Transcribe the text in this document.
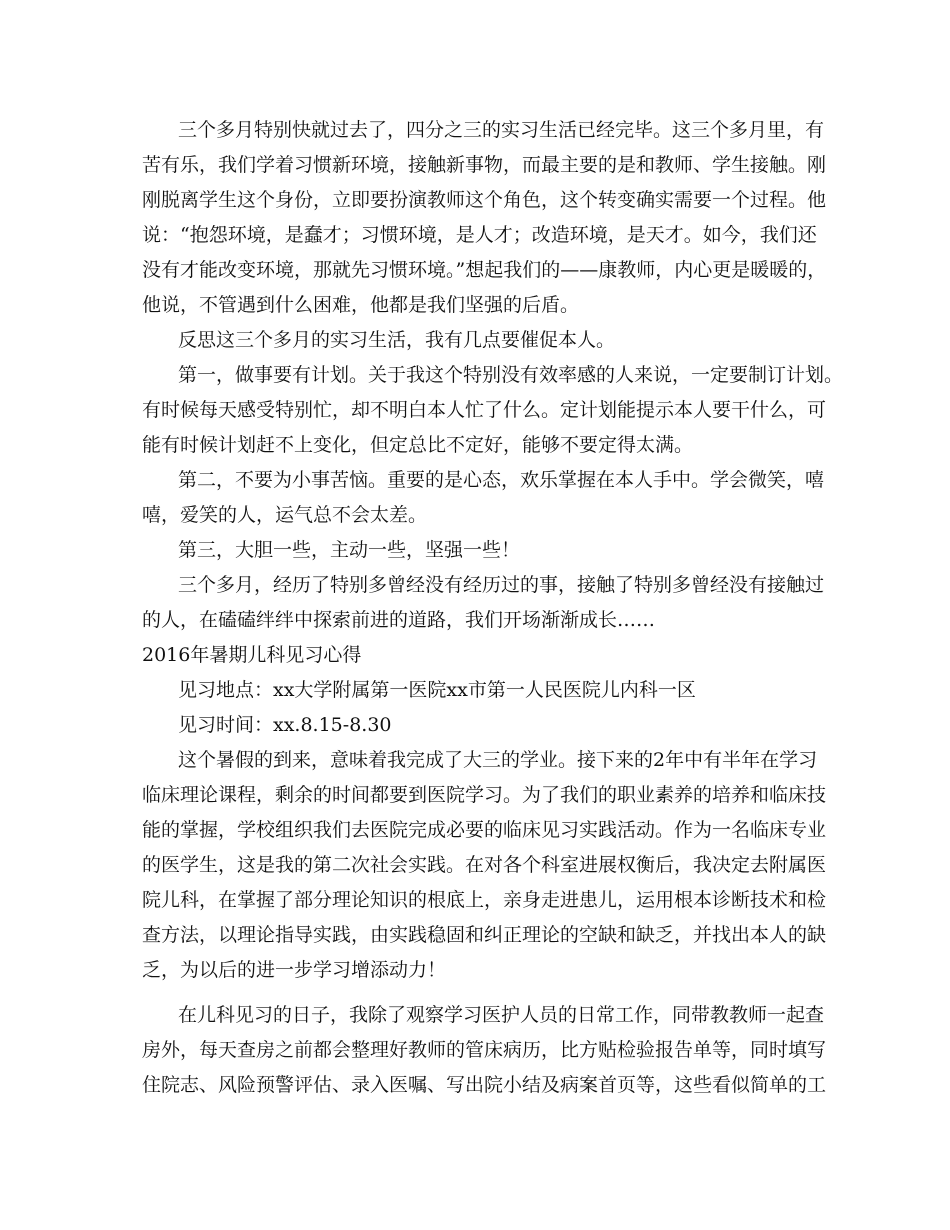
三个多月特别快就过去了，四分之三的实习生活已经完毕。这三个多月里，有
苦有乐，我们学着习惯新环境，接触新事物，而最主要的是和教师、学生接触。刚
刚脱离学生这个身份，立即要扮演教师这个角色，这个转变确实需要一个过程。他
说：“抱怨环境，是蠢才；习惯环境，是人才；改造环境，是天才。如今，我们还
没有才能改变环境，那就先习惯环境。”想起我们的——康教师，内心更是暖暖的，
他说，不管遇到什么困难，他都是我们坚强的后盾。
反思这三个多月的实习生活，我有几点要催促本人。
第一，做事要有计划。关于我这个特别没有效率感的人来说，一定要制订计划。
有时候每天感受特别忙，却不明白本人忙了什么。定计划能提示本人要干什么，可
能有时候计划赶不上变化，但定总比不定好，能够不要定得太满。
第二，不要为小事苦恼。重要的是心态，欢乐掌握在本人手中。学会微笑，嘻
嘻，爱笑的人，运气总不会太差。
第三，大胆一些，主动一些，坚强一些！
三个多月，经历了特别多曾经没有经历过的事，接触了特别多曾经没有接触过
的人，在磕磕绊绊中探索前进的道路，我们开场渐渐成长……
2016年暑期儿科见习心得
见习地点：xx大学附属第一医院xx市第一人民医院儿内科一区
见习时间：xx.8.15-8.30
这个暑假的到来，意味着我完成了大三的学业。接下来的2年中有半年在学习
临床理论课程，剩余的时间都要到医院学习。为了我们的职业素养的培养和临床技
能的掌握，学校组织我们去医院完成必要的临床见习实践活动。作为一名临床专业
的医学生，这是我的第二次社会实践。在对各个科室进展权衡后，我决定去附属医
院儿科，在掌握了部分理论知识的根底上，亲身走进患儿，运用根本诊断技术和检
查方法，以理论指导实践，由实践稳固和纠正理论的空缺和缺乏，并找出本人的缺
乏，为以后的进一步学习增添动力！
在儿科见习的日子，我除了观察学习医护人员的日常工作，同带教教师一起查
房外，每天查房之前都会整理好教师的管床病历，比方贴检验报告单等，同时填写
住院志、风险预警评估、录入医嘱、写出院小结及病案首页等，这些看似简单的工
